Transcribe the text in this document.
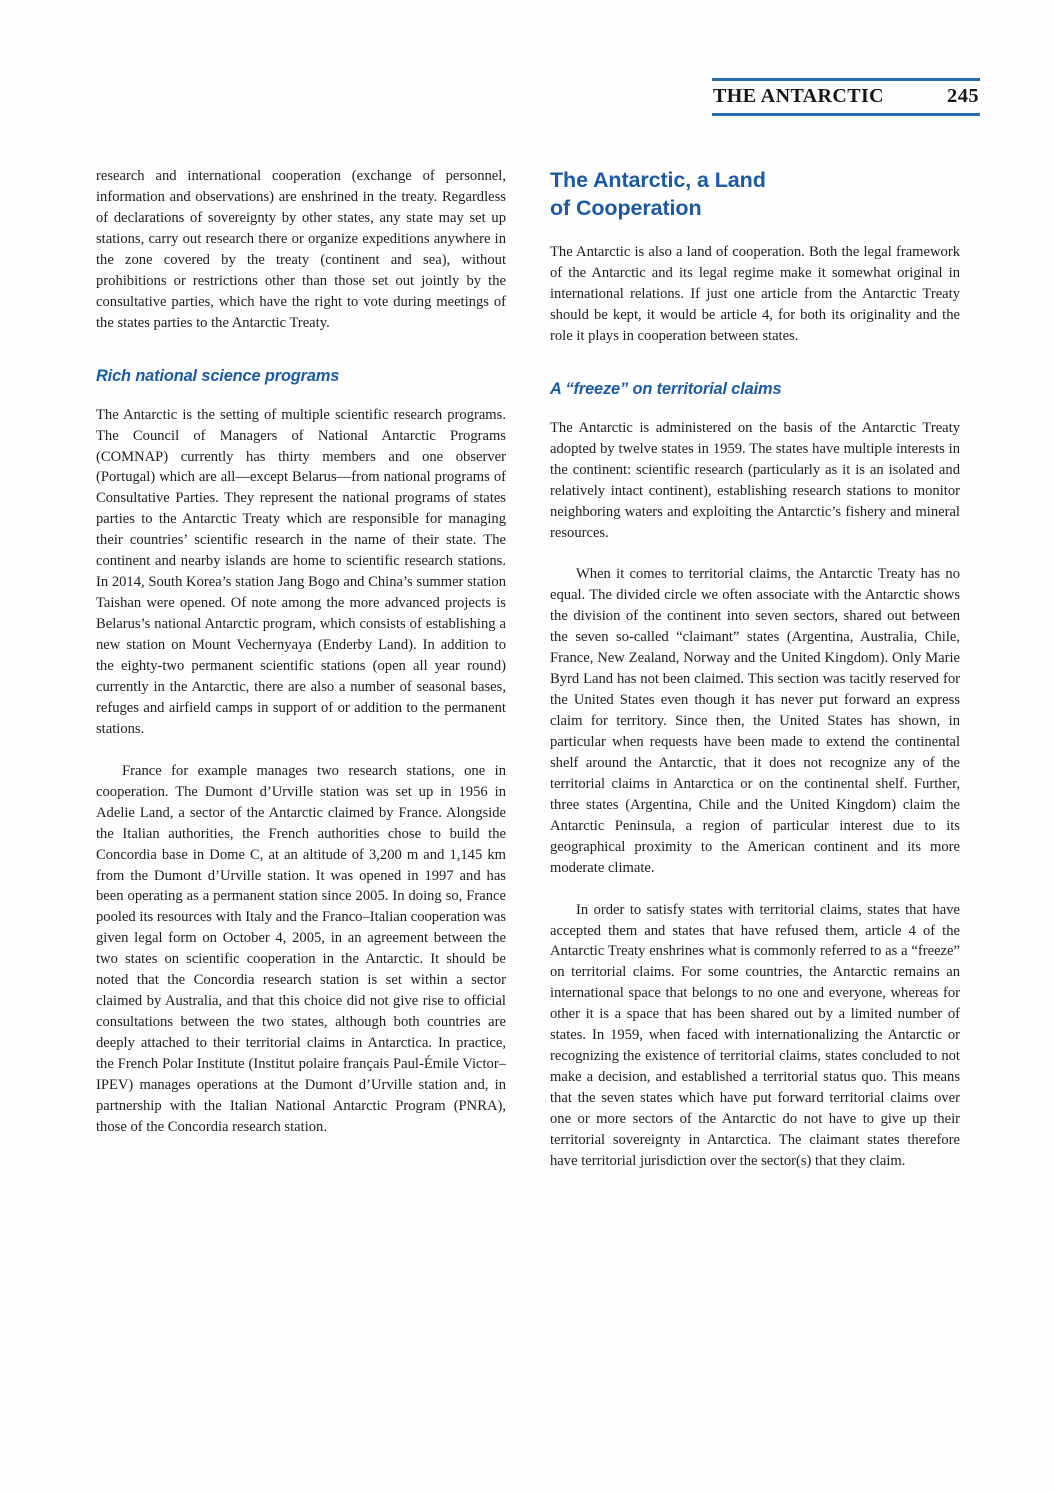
THE ANTARCTIC	245

research and international cooperation (exchange of personnel, information and observations) are enshrined in the treaty. Regardless of declarations of sovereignty by other states, any state may set up stations, carry out research there or organize expeditions anywhere in the zone covered by the treaty (continent and sea), without prohibitions or restrictions other than those set out jointly by the consultative parties, which have the right to vote during meetings of the states parties to the Antarctic Treaty.

Rich national science programs

The Antarctic is the setting of multiple scientific research programs. The Council of Managers of National Antarctic Programs (COMNAP) currently has thirty members and one observer (Portugal) which are all—except Belarus—from national programs of Consultative Parties. They represent the national programs of states parties to the Antarctic Treaty which are responsible for managing their countries’ scientific research in the name of their state. The continent and nearby islands are home to scientific research stations. In 2014, South Korea’s station Jang Bogo and China’s summer station Taishan were opened. Of note among the more advanced projects is Belarus’s national Antarctic program, which consists of establishing a new station on Mount Vechernyaya (Enderby Land). In addition to the eighty-two permanent scientific stations (open all year round) currently in the Antarctic, there are also a number of seasonal bases, refuges and airfield camps in support of or addition to the permanent stations.

France for example manages two research stations, one in cooperation. The Dumont d’Urville station was set up in 1956 in Adelie Land, a sector of the Antarctic claimed by France. Alongside the Italian authorities, the French authorities chose to build the Concordia base in Dome C, at an altitude of 3,200 m and 1,145 km from the Dumont d’Urville station. It was opened in 1997 and has been operating as a permanent station since 2005. In doing so, France pooled its resources with Italy and the Franco–Italian cooperation was given legal form on October 4, 2005, in an agreement between the two states on scientific cooperation in the Antarctic. It should be noted that the Concordia research station is set within a sector claimed by Australia, and that this choice did not give rise to official consultations between the two states, although both countries are deeply attached to their territorial claims in Antarctica. In practice, the French Polar Institute (Institut polaire français Paul-Émile Victor–IPEV) manages operations at the Dumont d’Urville station and, in partnership with the Italian National Antarctic Program (PNRA), those of the Concordia research station.

The Antarctic, a Land
of Cooperation

The Antarctic is also a land of cooperation. Both the legal framework of the Antarctic and its legal regime make it somewhat original in international relations. If just one article from the Antarctic Treaty should be kept, it would be article 4, for both its originality and the role it plays in cooperation between states.

A “freeze” on territorial claims

The Antarctic is administered on the basis of the Antarctic Treaty adopted by twelve states in 1959. The states have multiple interests in the continent: scientific research (particularly as it is an isolated and relatively intact continent), establishing research stations to monitor neighboring waters and exploiting the Antarctic’s fishery and mineral resources.

When it comes to territorial claims, the Antarctic Treaty has no equal. The divided circle we often associate with the Antarctic shows the division of the continent into seven sectors, shared out between the seven so-called “claimant” states (Argentina, Australia, Chile, France, New Zealand, Norway and the United Kingdom). Only Marie Byrd Land has not been claimed. This section was tacitly reserved for the United States even though it has never put forward an express claim for territory. Since then, the United States has shown, in particular when requests have been made to extend the continental shelf around the Antarctic, that it does not recognize any of the territorial claims in Antarctica or on the continental shelf. Further, three states (Argentina, Chile and the United Kingdom) claim the Antarctic Peninsula, a region of particular interest due to its geographical proximity to the American continent and its more moderate climate.

In order to satisfy states with territorial claims, states that have accepted them and states that have refused them, article 4 of the Antarctic Treaty enshrines what is commonly referred to as a “freeze” on territorial claims. For some countries, the Antarctic remains an international space that belongs to no one and everyone, whereas for other it is a space that has been shared out by a limited number of states. In 1959, when faced with internationalizing the Antarctic or recognizing the existence of territorial claims, states concluded to not make a decision, and established a territorial status quo. This means that the seven states which have put forward territorial claims over one or more sectors of the Antarctic do not have to give up their territorial sovereignty in Antarctica. The claimant states therefore have territorial jurisdiction over the sector(s) that they claim.
